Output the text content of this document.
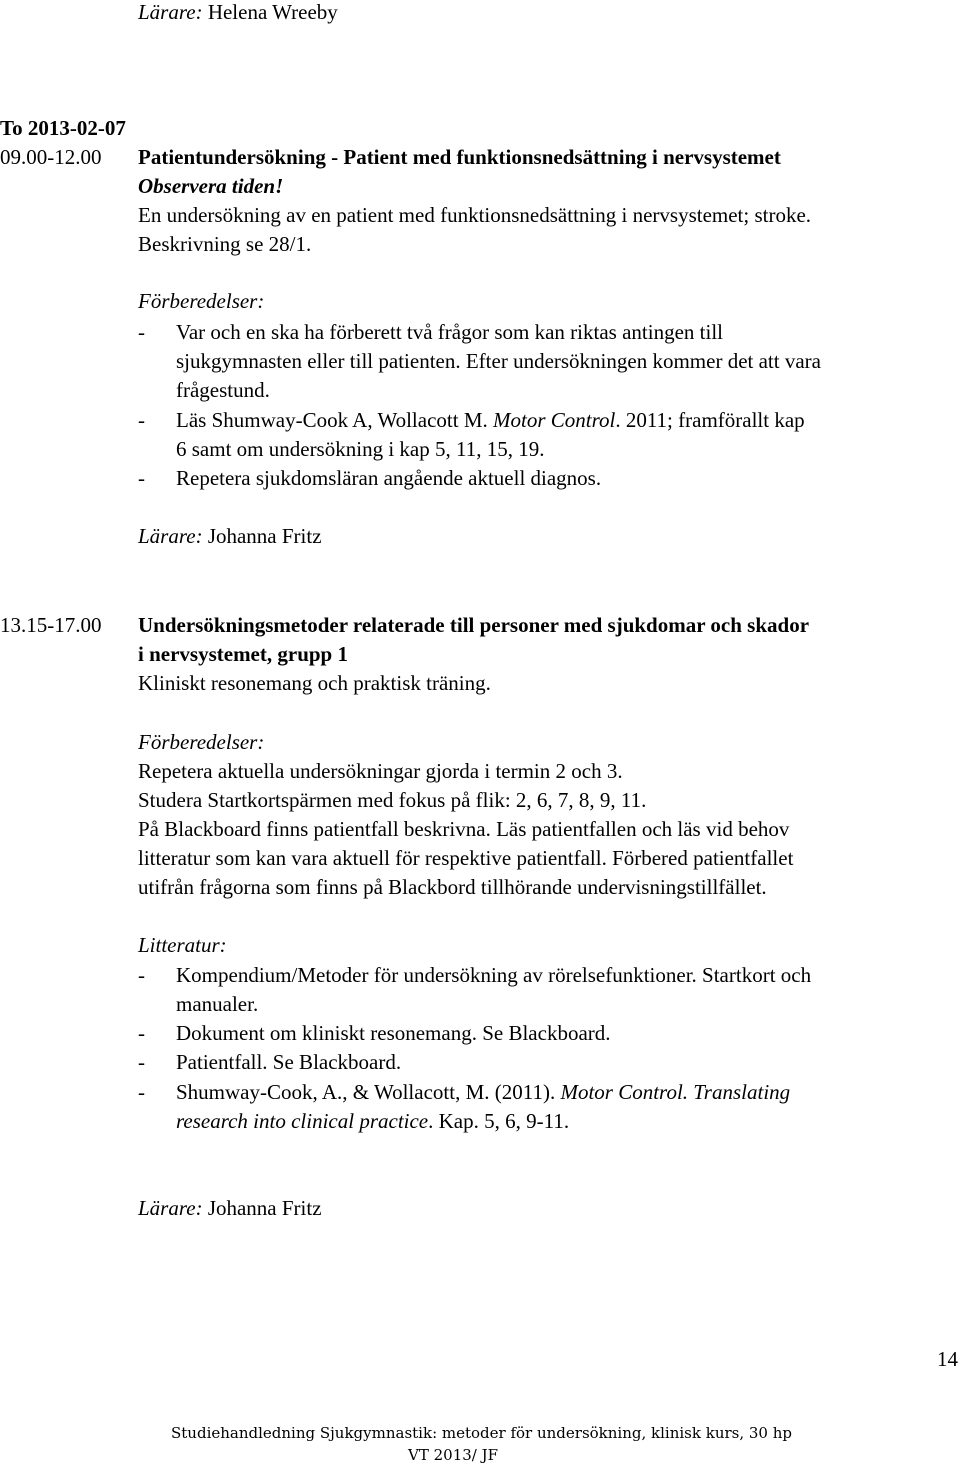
Lärare: Helena Wreeby
To 2013-02-07
09.00-12.00 Patientundersökning - Patient med funktionsnedsättning i nervsystemet
Observera tiden!
En undersökning av en patient med funktionsnedsättning i nervsystemet; stroke.
Beskrivning se 28/1.
Förberedelser:
- Var och en ska ha förberett två frågor som kan riktas antingen till
sjukgymnasten eller till patienten. Efter undersökningen kommer det att vara
frågestund.
- Läs Shumway-Cook A, Wollacott M. Motor Control. 2011; framförallt kap
6 samt om undersökning i kap 5, 11, 15, 19.
- Repetera sjukdomsläran angående aktuell diagnos.
Lärare: Johanna Fritz
13.15-17.00 Undersökningsmetoder relaterade till personer med sjukdomar och skador
i nervsystemet, grupp 1
Kliniskt resonemang och praktisk träning.
Förberedelser:
Repetera aktuella undersökningar gjorda i termin 2 och 3.
Studera Startkortspärmen med fokus på flik: 2, 6, 7, 8, 9, 11.
På Blackboard finns patientfall beskrivna. Läs patientfallen och läs vid behov
litteratur som kan vara aktuell för respektive patientfall. Förbered patientfallet
utifrån frågorna som finns på Blackbord tillhörande undervisningstillfället.
Litteratur:
- Kompendium/Metoder för undersökning av rörelsefunktioner. Startkort och
manualer.
- Dokument om kliniskt resonemang. Se Blackboard.
- Patientfall. Se Blackboard.
- Shumway-Cook, A., & Wollacott, M. (2011). Motor Control. Translating
research into clinical practice. Kap. 5, 6, 9-11.
Lärare: Johanna Fritz
14
Studiehandledning Sjukgymnastik: metoder för undersökning, klinisk kurs, 30 hp
VT 2013/ JF
